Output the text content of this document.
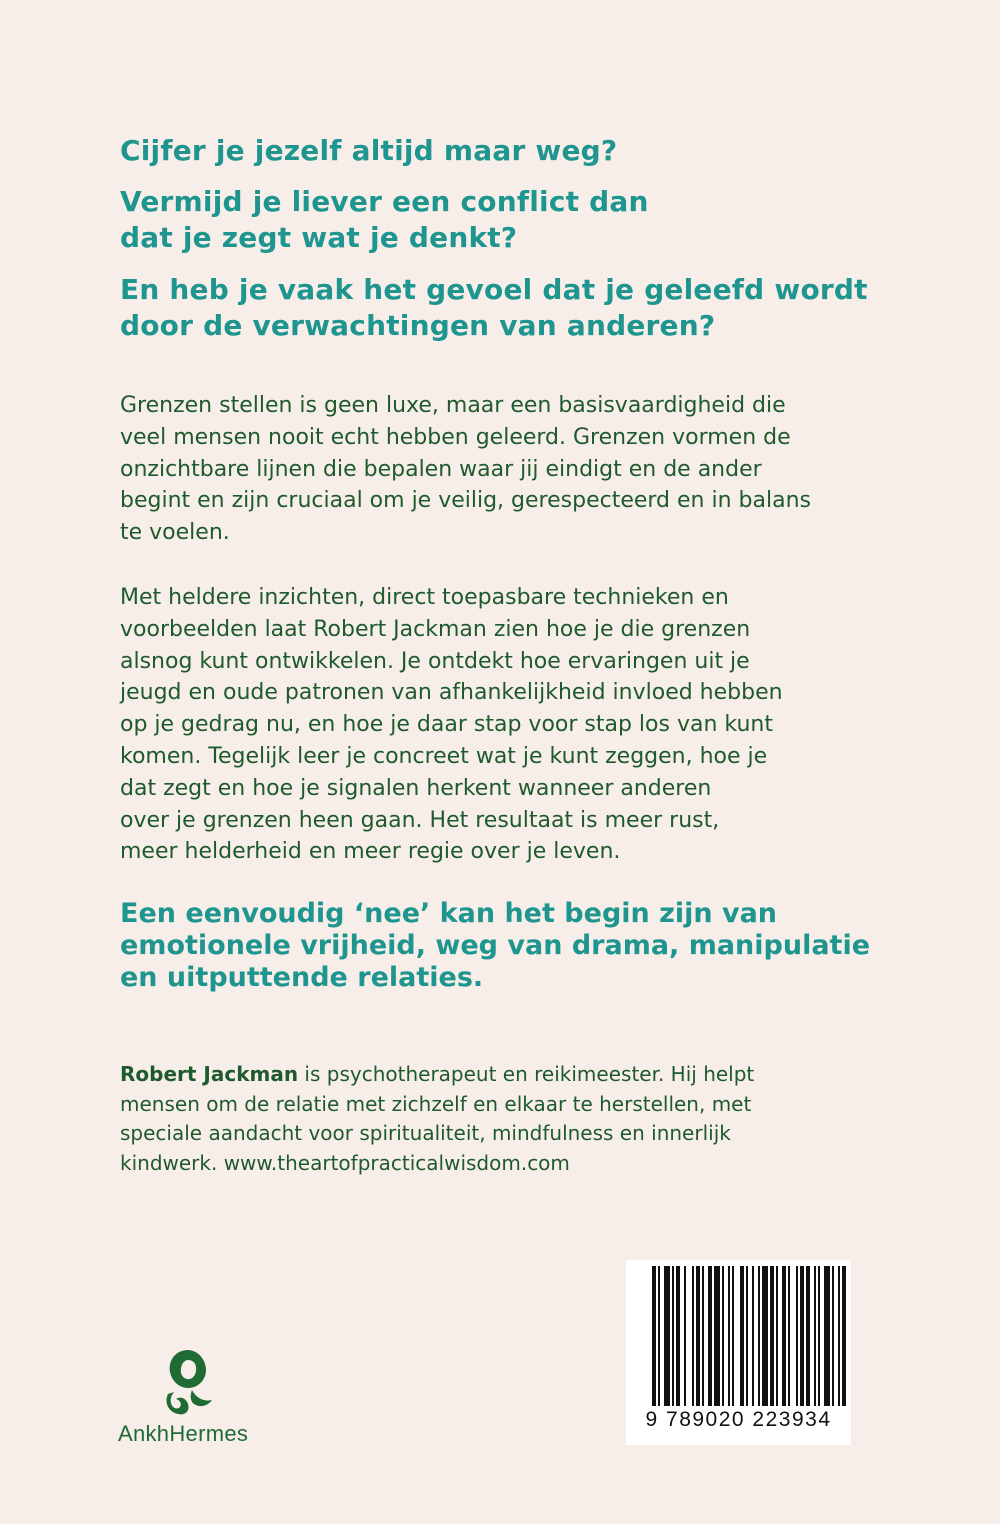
Cijfer je jezelf altijd maar weg?

Vermijd je liever een conflict dan
dat je zegt wat je denkt?

En heb je vaak het gevoel dat je geleefd wordt
door de verwachtingen van anderen?

Grenzen stellen is geen luxe, maar een basisvaardigheid die
veel mensen nooit echt hebben geleerd. Grenzen vormen de
onzichtbare lijnen die bepalen waar jij eindigt en de ander
begint en zijn cruciaal om je veilig, gerespecteerd en in balans
te voelen.

Met heldere inzichten, direct toepasbare technieken en
voorbeelden laat Robert Jackman zien hoe je die grenzen
alsnog kunt ontwikkelen. Je ontdekt hoe ervaringen uit je
jeugd en oude patronen van afhankelijkheid invloed hebben
op je gedrag nu, en hoe je daar stap voor stap los van kunt
komen. Tegelijk leer je concreet wat je kunt zeggen, hoe je
dat zegt en hoe je signalen herkent wanneer anderen
over je grenzen heen gaan. Het resultaat is meer rust,
meer helderheid en meer regie over je leven.

Een eenvoudig ‘nee’ kan het begin zijn van
emotionele vrijheid, weg van drama, manipulatie
en uitputtende relaties.

Robert Jackman is psychotherapeut en reikimeester. Hij helpt
mensen om de relatie met zichzelf en elkaar te herstellen, met
speciale aandacht voor spiritualiteit, mindfulness en innerlijk
kindwerk. www.theartofpracticalwisdom.com

AnkhHermes
9 789020 223934
